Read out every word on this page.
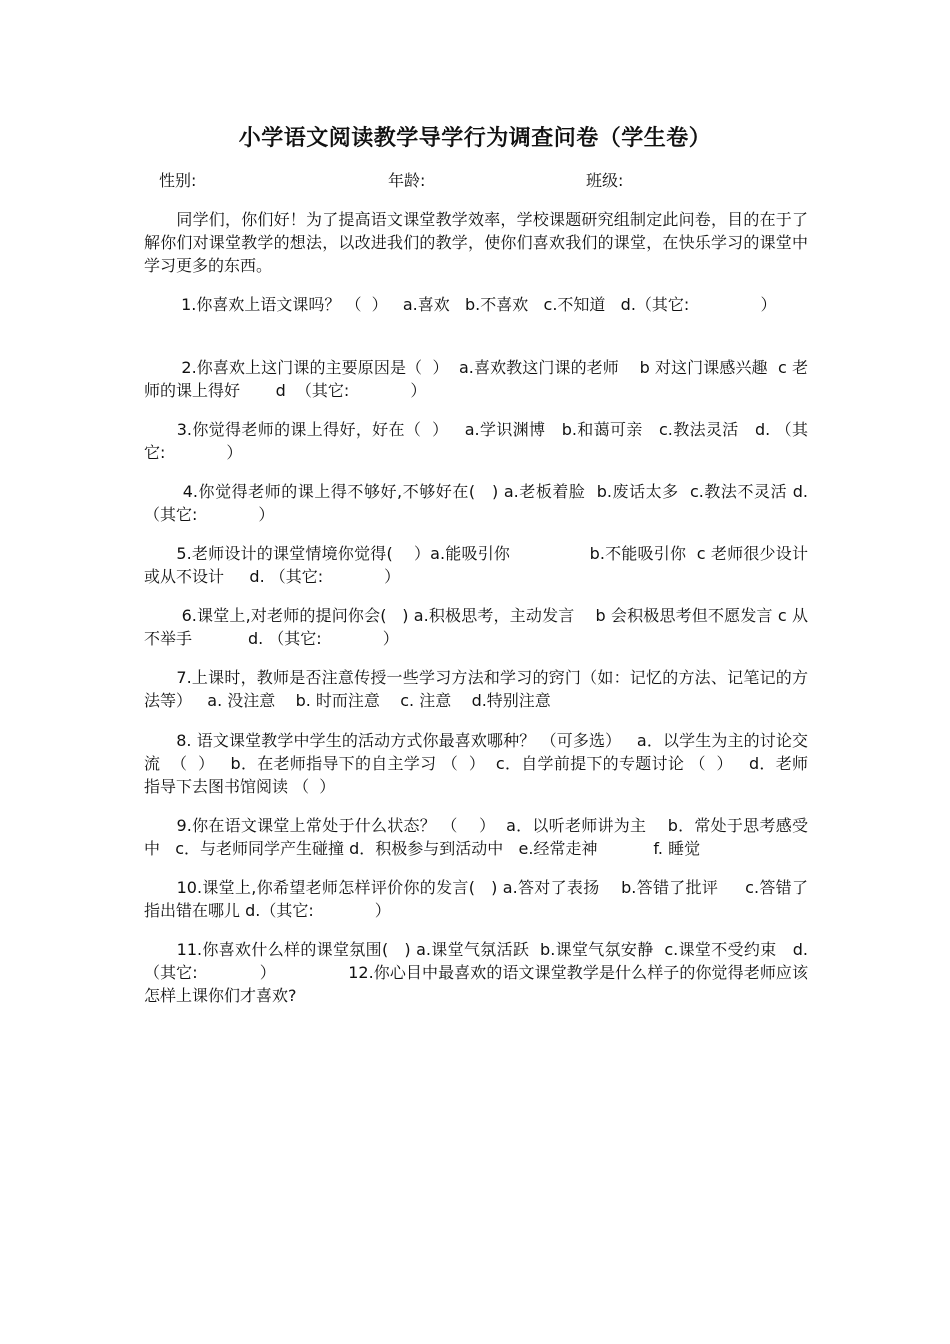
小学语文阅读教学导学行为调查问卷（学生卷）
性别:	年龄:	班级:
　　同学们，你们好！为了提高语文课堂教学效率，学校课题研究组制定此问卷，目的在于了解你们对课堂教学的想法，以改进我们的教学，使你们喜欢我们的课堂，在快乐学习的课堂中学习更多的东西。
　　 1.你喜欢上语文课吗？ （  ）   a.喜欢   b.不喜欢   c.不知道   d.（其它:              ）
　　 2.你喜欢上这门课的主要原因是（  ）  a.喜欢教这门课的老师    b 对这门课感兴趣  c 老师的课上得好       d  （其它:            ）
　　3.你觉得老师的课上得好，好在（  ）   a.学识渊博   b.和蔼可亲   c.教法灵活   d. （其它:            ）
　　 4.你觉得老师的课上得不够好,不够好在(   ) a.老板着脸  b.废话太多  c.教法不灵活 d.（其它:            ）
　　5.老师设计的课堂情境你觉得(    ）a.能吸引你               b.不能吸引你  c 老师很少设计或从不设计     d. （其它:            ）
　　 6.课堂上,对老师的提问你会(   ) a.积极思考，主动发言    b 会积极思考但不愿发言 c 从不举手           d. （其它:            ）
　　7.上课时，教师是否注意传授一些学习方法和学习的窍门（如：记忆的方法、记笔记的方法等）   a. 没注意    b. 时而注意    c. 注意    d.特别注意
　　8. 语文课堂教学中学生的活动方式你最喜欢哪种？ （可多选）   a．以学生为主的讨论交流  （  ）   b．在老师指导下的自主学习 （  ）  c．自学前提下的专题讨论 （  ）   d．老师指导下去图书馆阅读 （  ）
　　9.你在语文课堂上常处于什么状态？ （    ）  a．以听老师讲为主    b．常处于思考感受中   c．与老师同学产生碰撞 d．积极参与到活动中   e.经常走神           f. 睡觉
　　10.课堂上,你希望老师怎样评价你的发言(   ) a.答对了表扬    b.答错了批评     c.答错了指出错在哪儿 d.（其它:            ）
　　11.你喜欢什么样的课堂氛围(   ) a.课堂气氛活跃  b.课堂气氛安静  c.课堂不受约束   d.（其它:            ）              12.你心目中最喜欢的语文课堂教学是什么样子的你觉得老师应该怎样上课你们才喜欢?
